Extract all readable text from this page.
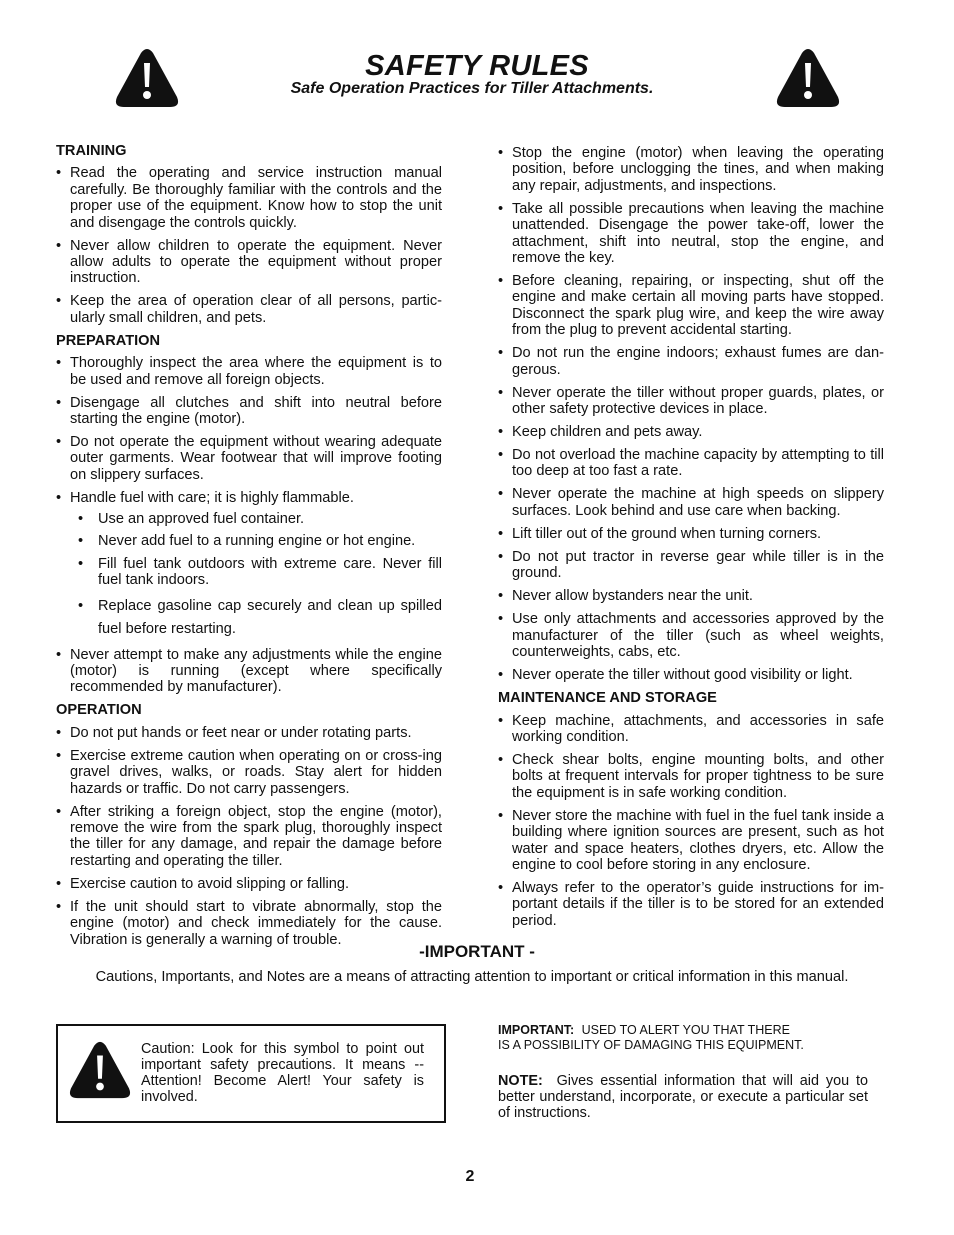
SAFETY RULES
Safe Operation Practices for Tiller Attachments.
TRAINING
• Read the operating and service instruction manual carefully. Be thoroughly familiar with the controls and the proper use of the equipment. Know how to stop the unit and disengage the controls quickly.
• Never allow children to operate the equipment. Never allow adults to operate the equipment without proper instruction.
• Keep the area of operation clear of all persons, partic-ularly small children, and pets.
PREPARATION
• Thoroughly inspect the area where the equipment is to be used and remove all foreign objects.
• Disengage all clutches and shift into neutral before starting the engine (motor).
• Do not operate the equipment without wearing adequate outer garments. Wear footwear that will improve footing on slippery surfaces.
• Handle fuel with care; it is highly flammable.
• Use an approved fuel container.
• Never add fuel to a running engine or hot engine.
• Fill fuel tank outdoors with extreme care. Never fill fuel tank indoors.
• Replace gasoline cap securely and clean up spilled fuel before restarting.
• Never attempt to make any adjustments while the engine (motor) is running (except where specifically recommended by manufacturer).
OPERATION
• Do not put hands or feet near or under rotating parts.
• Exercise extreme caution when operating on or cross-ing gravel drives, walks, or roads. Stay alert for hidden hazards or traffic. Do not carry passengers.
• After striking a foreign object, stop the engine (motor), remove the wire from the spark plug, thoroughly inspect the tiller for any damage, and repair the damage before restarting and operating the tiller.
• Exercise caution to avoid slipping or falling.
• If the unit should start to vibrate abnormally, stop the engine (motor) and check immediately for the cause. Vibration is generally a warning of trouble.
• Stop the engine (motor) when leaving the operating position, before unclogging the tines, and when making any repair, adjustments, and inspections.
• Take all possible precautions when leaving the machine unattended. Disengage the power take-off, lower the attachment, shift into neutral, stop the engine, and remove the key.
• Before cleaning, repairing, or inspecting, shut off the engine and make certain all moving parts have stopped. Disconnect the spark plug wire, and keep the wire away from the plug to prevent accidental starting.
• Do not run the engine indoors; exhaust fumes are dan-gerous.
• Never operate the tiller without proper guards, plates, or other safety protective devices in place.
• Keep children and pets away.
• Do not overload the machine capacity by attempting to till too deep at too fast a rate.
• Never operate the machine at high speeds on slippery surfaces. Look behind and use care when backing.
• Lift tiller out of the ground when turning corners.
• Do not put tractor in reverse gear while tiller is in the ground.
• Never allow bystanders near the unit.
• Use only attachments and accessories approved by the manufacturer of the tiller (such as wheel weights, counterweights, cabs, etc.
• Never operate the tiller without good visibility or light.
MAINTENANCE AND STORAGE
• Keep machine, attachments, and accessories in safe working condition.
• Check shear bolts, engine mounting bolts, and other bolts at frequent intervals for proper tightness to be sure the equipment is in safe working condition.
• Never store the machine with fuel in the fuel tank inside a building where ignition sources are present, such as hot water and space heaters, clothes dryers, etc. Allow the engine to cool before storing in any enclosure.
• Always refer to the operator’s guide instructions for im-portant details if the tiller is to be stored for an extended period.
-IMPORTANT -
Cautions, Importants, and Notes are a means of attracting attention to important or critical information in this manual.
Caution: Look for this symbol to point out important safety precautions. It means -- Attention! Become Alert! Your safety is involved.
IMPORTANT: USED TO ALERT YOU THAT THERE
IS A POSSIBILITY OF DAMAGING THIS EQUIPMENT.
NOTE: Gives essential information that will aid you to better understand, incorporate, or execute a particular set of instructions.
2
